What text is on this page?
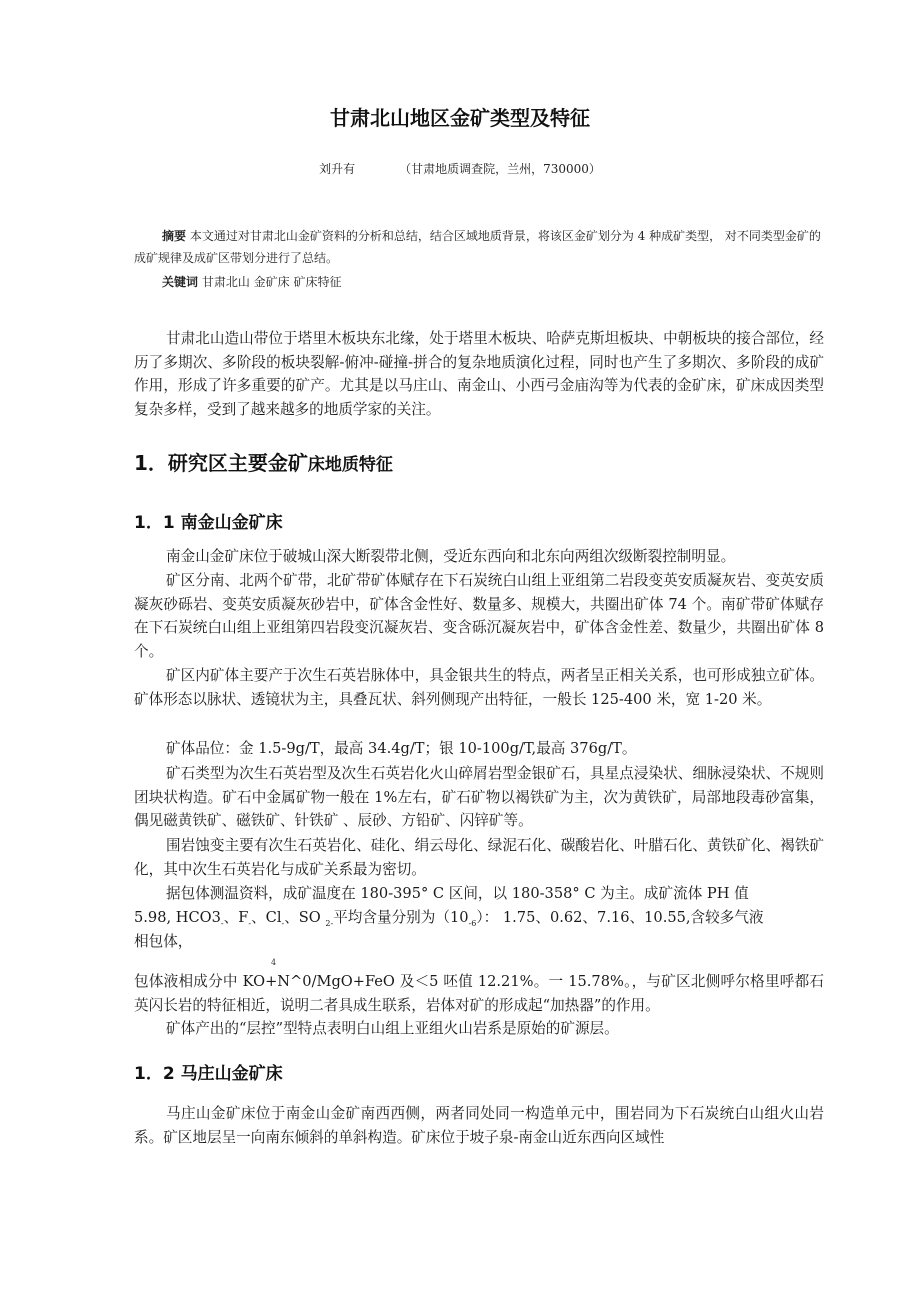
甘肃北山地区金矿类型及特征
刘升有	（甘肃地质调查院，兰州，730000）
摘要 本文通过对甘肃北山金矿资料的分析和总结，结合区域地质背景，将该区金矿划分为 4 种成矿类型， 对不同类型金矿的成矿规律及成矿区带划分进行了总结。
关键词 甘肃北山 金矿床 矿床特征

甘肃北山造山带位于塔里木板块东北缘，处于塔里木板块、哈萨克斯坦板块、中朝板块的接合部位，经历了多期次、多阶段的板块裂解-俯冲-碰撞-拼合的复杂地质演化过程，同时也产生了多期次、多阶段的成矿作用，形成了许多重要的矿产。尤其是以马庄山、南金山、小西弓金庙沟等为代表的金矿床，矿床成因类型复杂多样，受到了越来越多的地质学家的关注。

1．研究区主要金矿床地质特征
1．1 南金山金矿床

南金山金矿床位于破城山深大断裂带北侧，受近东西向和北东向两组次级断裂控制明显。

矿区分南、北两个矿带，北矿带矿体赋存在下石炭统白山组上亚组第二岩段变英安质凝灰岩、变英安质凝灰砂砾岩、变英安质凝灰砂岩中，矿体含金性好、数量多、规模大，共圈出矿体 74 个。南矿带矿体赋存在下石炭统白山组上亚组第四岩段变沉凝灰岩、变含砾沉凝灰岩中，矿体含金性差、数量少，共圈出矿体 8 个。

矿区内矿体主要产于次生石英岩脉体中，具金银共生的特点，两者呈正相关关系，也可形成独立矿体。矿体形态以脉状、透镜状为主，具叠瓦状、斜列侧现产出特征，一般长 125-400 米，宽 1-20 米。

矿体品位：金 1.5-9g/T，最高 34.4g/T；银 10-100g/T,最高 376g/T。

矿石类型为次生石英岩型及次生石英岩化火山碎屑岩型金银矿石，具星点浸染状、细脉浸染状、不规则团块状构造。矿石中金属矿物一般在 1%左右，矿石矿物以褐铁矿为主，次为黄铁矿，局部地段毒砂富集，偶见磁黄铁矿、磁铁矿、针铁矿 、辰砂、方铅矿、闪锌矿等。

围岩蚀变主要有次生石英岩化、硅化、绢云母化、绿泥石化、碳酸岩化、叶腊石化、黄铁矿化、褐铁矿化，其中次生石英岩化与成矿关系最为密切。

据包体测温资料，成矿温度在 180-395° C 区间，以 180-358° C 为主。成矿流体 PH 值

5.98, $HCO3_-$、$F_-$、$Cl_-$、SO $_{2-}$平均含量分别为$(10_{-6})$： 1.75、0.62、7.16、10.55,含较多气液

相包体，

4

包体液相成分中 KO+N^0/MgO+FeO 及＜5 呸值 12.21%。一 15.78%。，与矿区北侧呼尔格里呼都石英闪长岩的特征相近，说明二者具成生联系，岩体对矿的形成起“加热器”的作用。

矿体产出的“层控”型特点表明白山组上亚组火山岩系是原始的矿源层。

1．2 马庄山金矿床

马庄山金矿床位于南金山金矿南西西侧，两者同处同一构造单元中，围岩同为下石炭统白山组火山岩系。矿区地层呈一向南东倾斜的单斜构造。矿床位于坡子泉-南金山近东西向区域性
